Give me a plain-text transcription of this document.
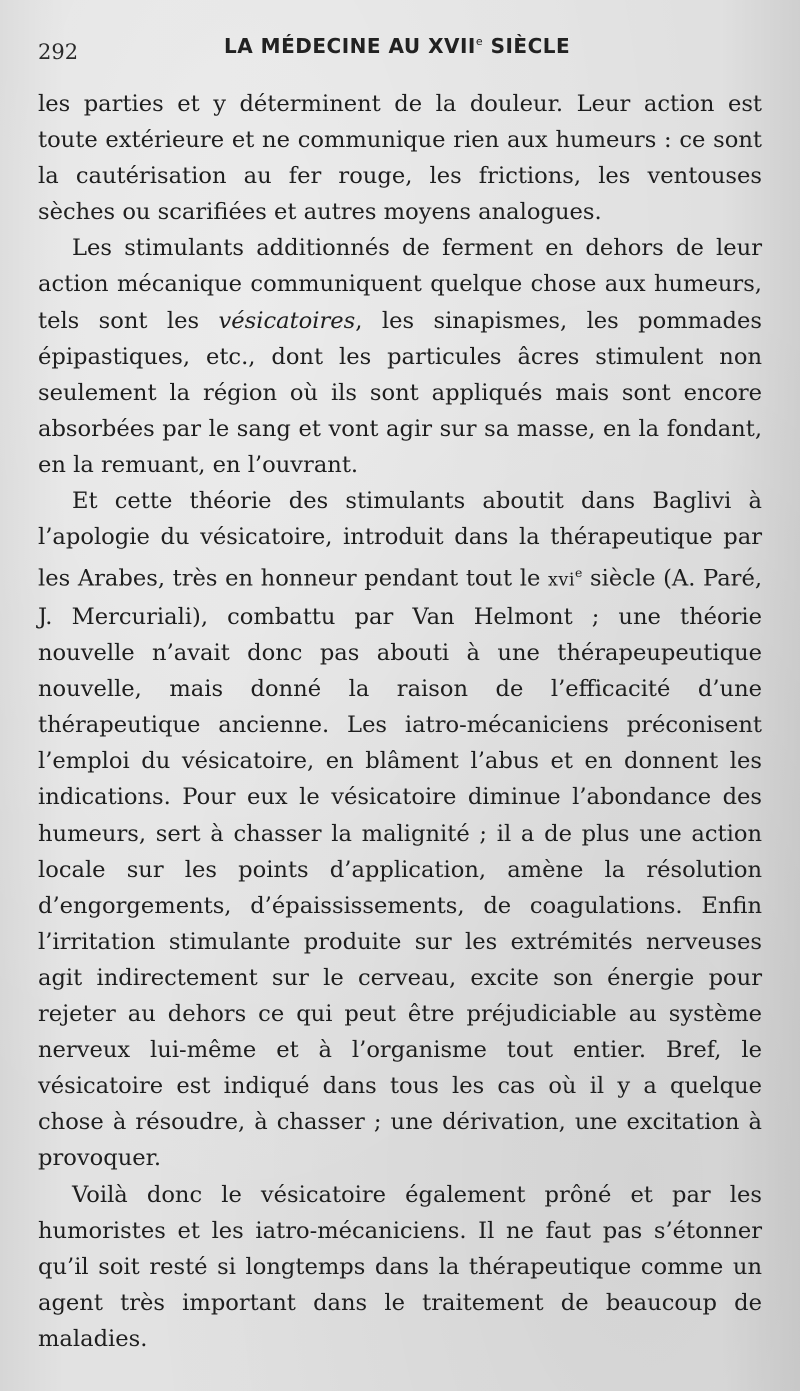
292	LA MÉDECINE AU XVIIe SIÈCLE

les parties et y déterminent de la douleur. Leur action est toute extérieure et ne communique rien aux humeurs : ce sont la cautérisation au fer rouge, les frictions, les ventouses sèches ou scarifiées et autres moyens analogues.

Les stimulants additionnés de ferment en dehors de leur action mécanique communiquent quelque chose aux humeurs, tels sont les vésicatoires, les sinapismes, les pommades épipastiques, etc., dont les particules âcres stimulent non seulement la région où ils sont appliqués mais sont encore absorbées par le sang et vont agir sur sa masse, en la fondant, en la remuant, en l’ouvrant.

Et cette théorie des stimulants aboutit dans Baglivi à l’apologie du vésicatoire, introduit dans la thérapeutique par les Arabes, très en honneur pendant tout le xvi$^e$ siècle (A. Paré, J. Mercuriali), combattu par Van Helmont ; une théorie nouvelle n’avait donc pas abouti à une thérapeupeutique nouvelle, mais donné la raison de l’efficacité d’une thérapeutique ancienne. Les iatro-mécaniciens préconisent l’emploi du vésicatoire, en blâment l’abus et en donnent les indications. Pour eux le vésicatoire diminue l’abondance des humeurs, sert à chasser la malignité ; il a de plus une action locale sur les points d’application, amène la résolution d’engorgements, d’épaississements, de coagulations. Enfin l’irritation stimulante produite sur les extrémités nerveuses agit indirectement sur le cerveau, excite son énergie pour rejeter au dehors ce qui peut être préjudiciable au système nerveux lui-même et à l’organisme tout entier. Bref, le vésicatoire est indiqué dans tous les cas où il y a quelque chose à résoudre, à chasser ; une dérivation, une excitation à provoquer.

Voilà donc le vésicatoire également prôné et par les humoristes et les iatro-mécaniciens. Il ne faut pas s’étonner qu’il soit resté si longtemps dans la thérapeutique comme un agent très important dans le traitement de beaucoup de maladies.
